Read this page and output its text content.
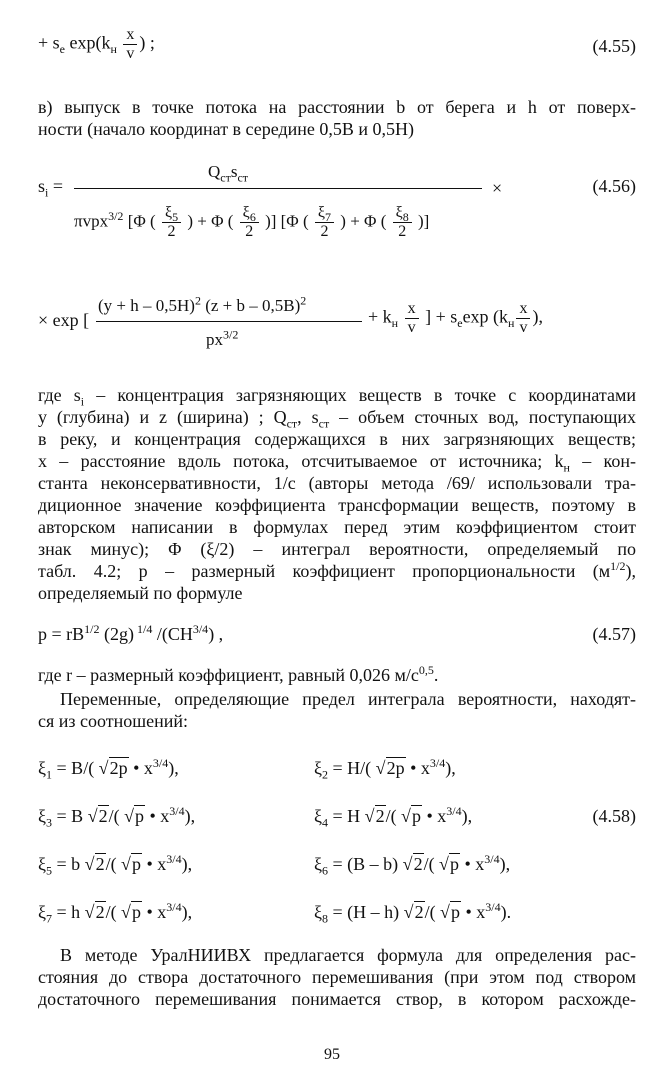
+ $s_e$ $\exp(k_н \frac{x}{v}$ ) ;	(4.55)
в) выпуск в точке потока на расстоянии b от берега и h от поверх-
ности (начало координат в середине 0,5B и 0,5H)
$s_i$ =
$Q_{ст}s_{ст}$
×	(4.56)
πvpx$^{3/2}$ [Φ ( $\frac{\xi_5}{2}$ ) + Φ ( $\frac{\xi_6}{2}$ )] [Φ ( $\frac{\xi_7}{2}$ ) + Φ ( $\frac{\xi_8}{2}$ )]
× exp [
$(y + h - 0,5H)^2$ $(z + b - 0,5B)^2$
$px^{3/2}$
+ $k_н \frac{x}{v}$ ] + $s_e\exp$ ($k_н \frac{x}{v}$ ),
где $s_i$ – концентрация загрязняющих веществ в точке с координатами
y (глубина) и z (ширина) ; $Q_{ст}$, $s_{ст}$ – объем сточных вод, поступающих
в реку, и концентрация содержащихся в них загрязняющих веществ;
x – расстояние вдоль потока, отсчитываемое от источника; $k_н - кон-$
станта неконсервативности, 1/с (авторы метода /69/ использовали тра-
диционное значение коэффициента трансформации веществ, поэтому в
авторском написании в формулах перед этим коэффициентом стоит
знак минус); Φ (ξ/2) – интеграл вероятности, определяемый по
табл. 4.2; p – размерный коэффициент пропорциональности $(м^{1/2})$,
определяемый по формуле
$p = rB^{1/2}$ (2g) $^{1/4}$ $/(CH^{3/4})$ ,	(4.57)
где r – размерный коэффициент, равный 0,026 $м/с^{0,5}$.
Переменные, определяющие предел интеграла вероятности, находят-
ся из соотношений:
$\xi_1 = B/$( √2p • $x^{3/4}$),	$\xi_2 = H/$( √2p • $x^{3/4}$),
$\xi_3 = B$ √2/( √p • $x^{3/4}$),	$\xi_4 = H$ √2/( √p • $x^{3/4}$),	(4.58)
$\xi_5 = b$ √2/( √p • $x^{3/4}$),	$\xi_6 = (B - b)$ √2/( √p • $x^{3/4}$),
$\xi_7 = h$ √2/( √p • $x^{3/4}$),	$\xi_8 = (H - h)$ √2/( √p • $x^{3/4}$).
В методе УралНИИВХ предлагается формула для определения рас-
стояния до створа достаточного перемешивания (при этом под створом
достаточного перемешивания понимается створ, в котором расхожде-
95
